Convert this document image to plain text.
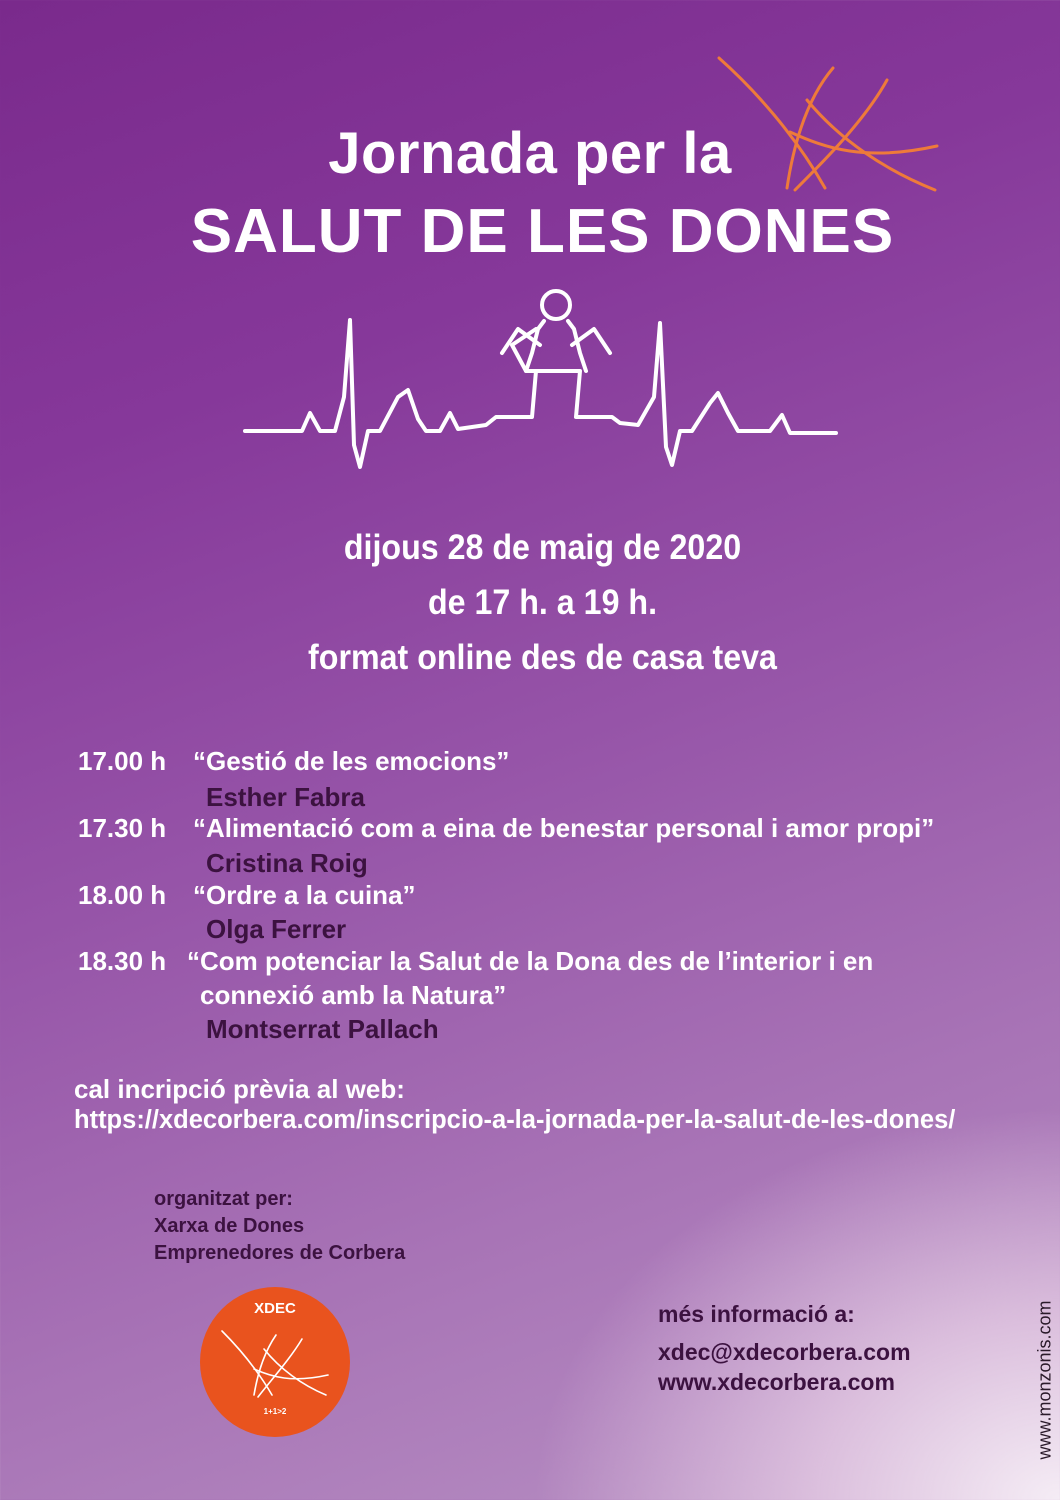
Jornada per la
SALUT DE LES DONES
dijous 28 de maig de 2020
de 17 h. a 19 h.
format online des de casa teva
17.00 h “Gestió de les emocions”
Esther Fabra
17.30 h “Alimentació com a eina de benestar personal i amor propi”
Cristina Roig
18.00 h “Ordre a la cuina”
Olga Ferrer
18.30 h “Com potenciar la Salut de la Dona des de l’interior i en
connexió amb la Natura”
Montserrat Pallach
cal incripció prèvia al web:
https://xdecorbera.com/inscripcio-a-la-jornada-per-la-salut-de-les-dones/
organitzat per:
Xarxa de Dones
Emprenedores de Corbera
XDEC
1+1>2
més informació a:
xdec@xdecorbera.com
www.xdecorbera.com	www.monzonis.com
